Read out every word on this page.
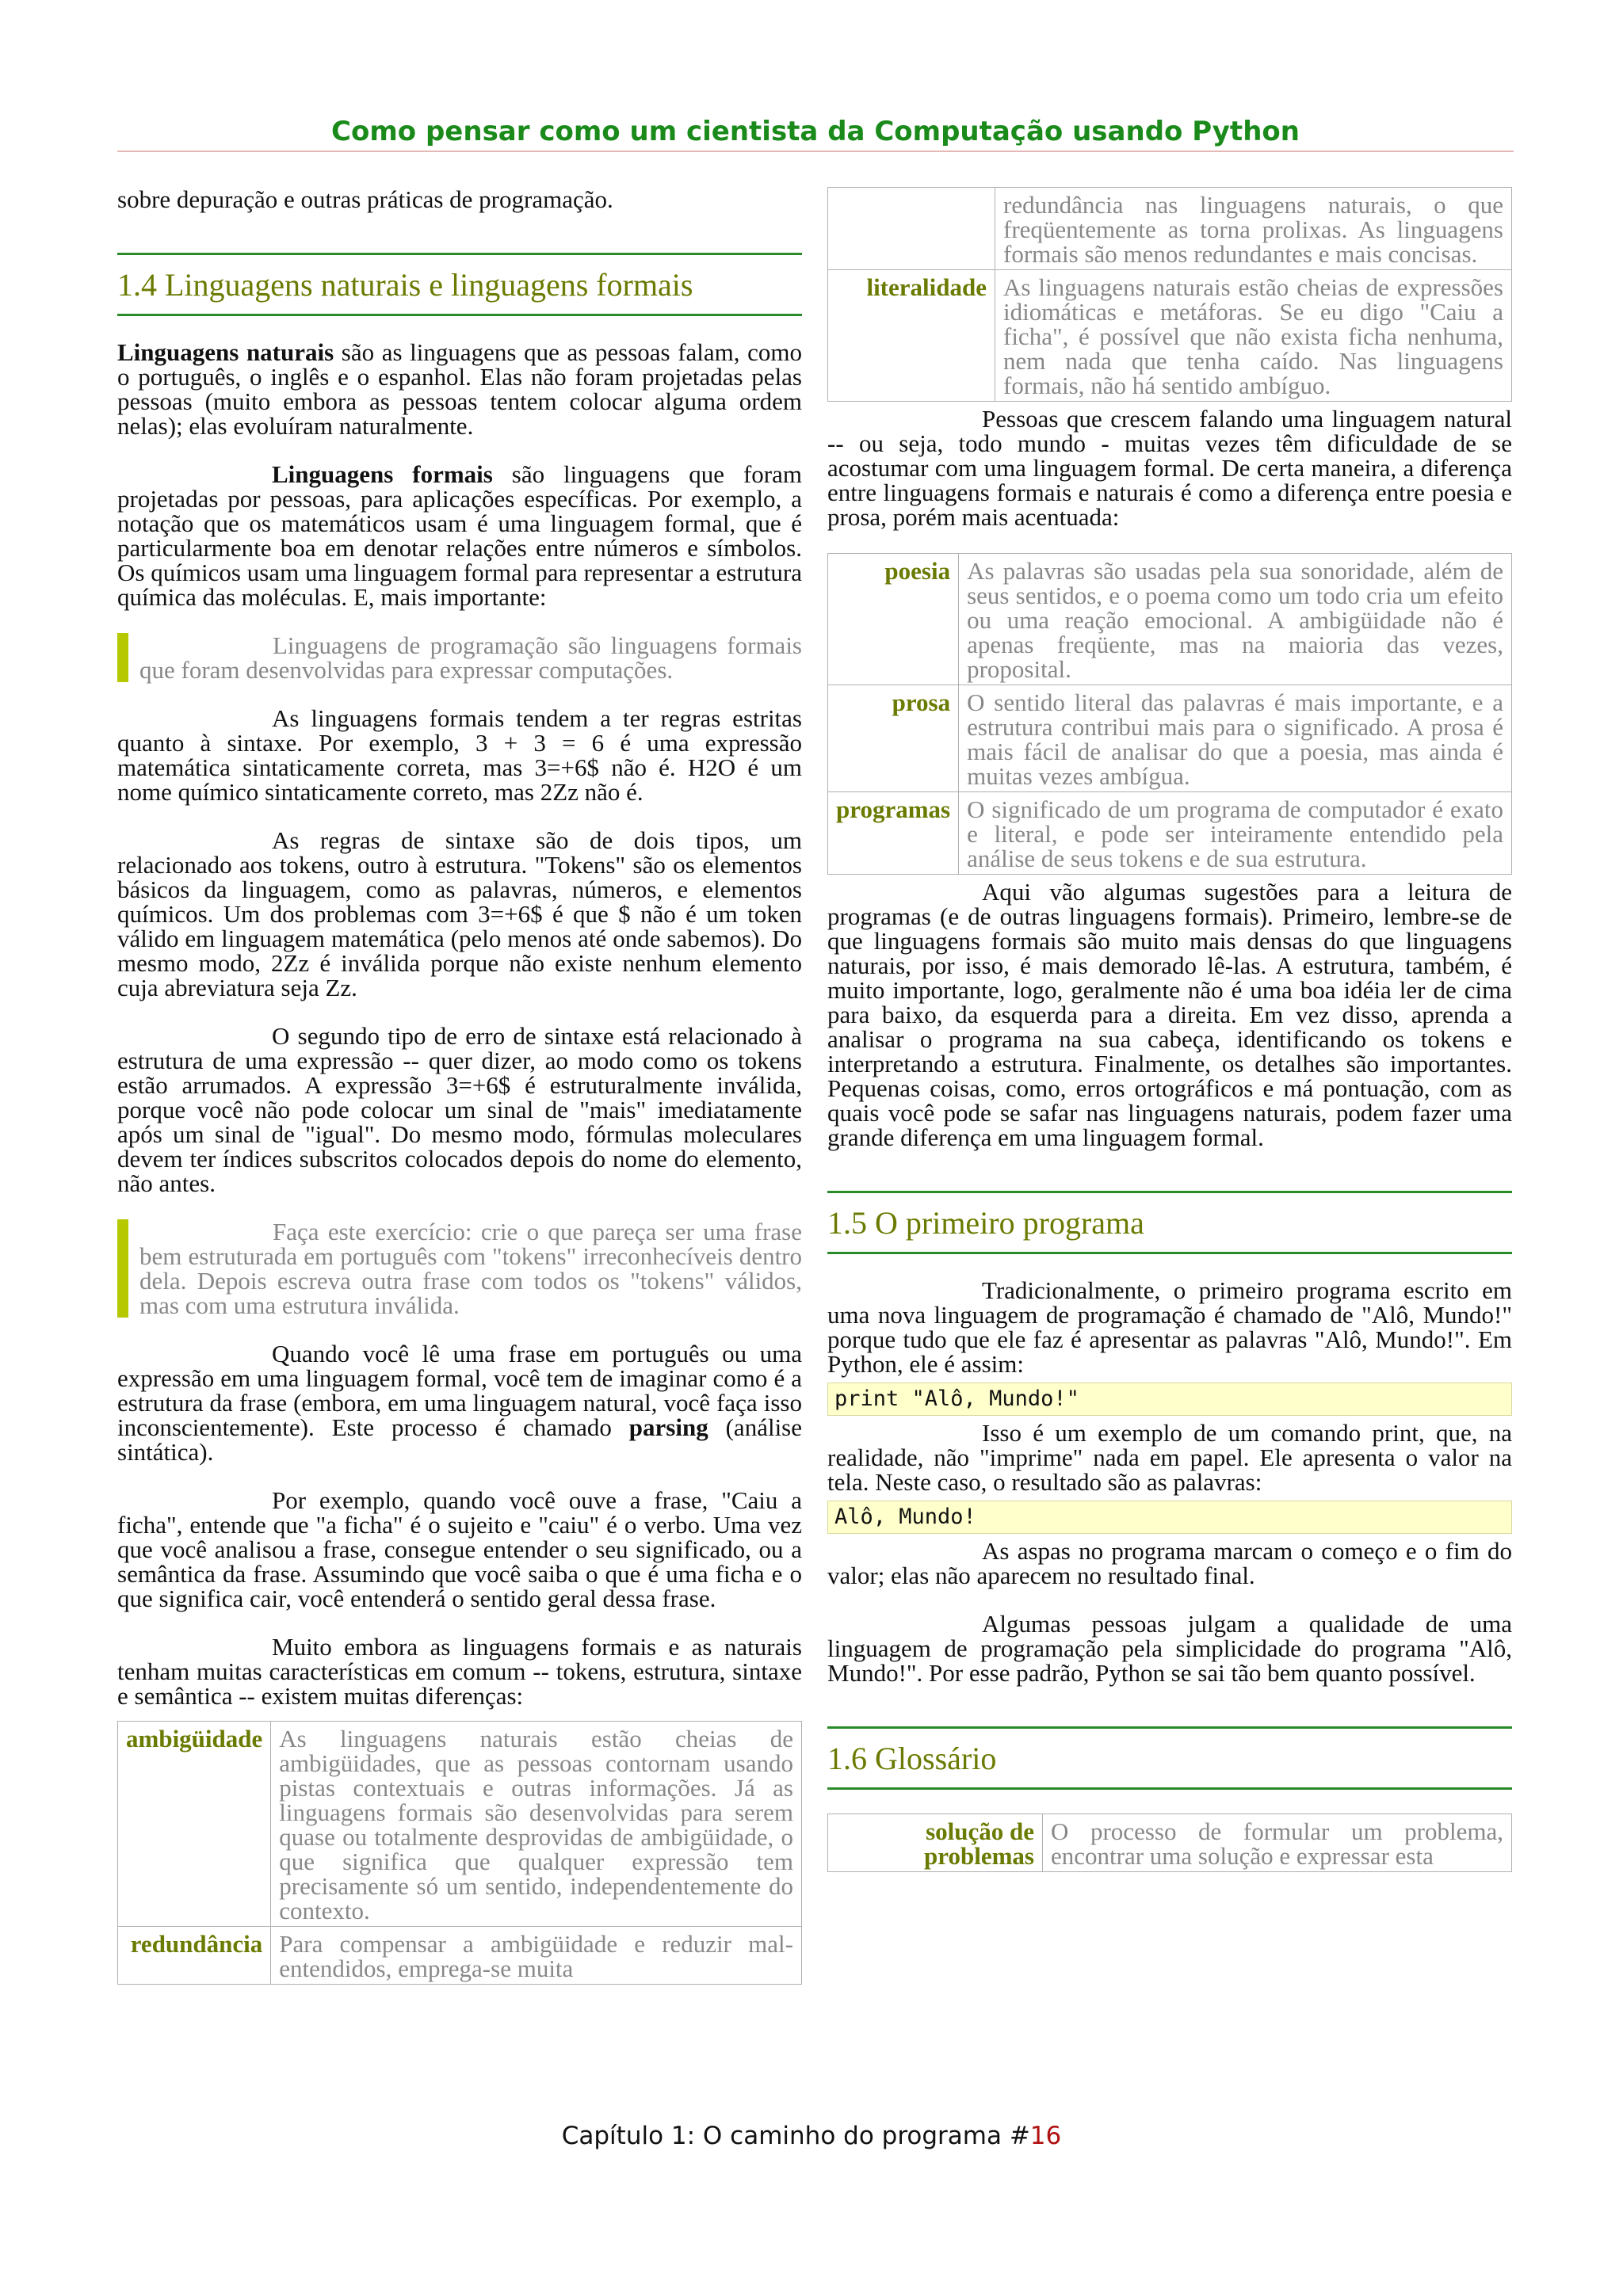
Como pensar como um cientista da Computação usando Python

sobre depuração e outras práticas de programação.

1.4 Linguagens naturais e linguagens formais

Linguagens naturais são as linguagens que as pessoas falam, como o português, o inglês e o espanhol. Elas não foram projetadas pelas pessoas (muito embora as pessoas tentem colocar alguma ordem nelas); elas evoluíram naturalmente.

Linguagens formais são linguagens que foram projetadas por pessoas, para aplicações específicas. Por exemplo, a notação que os matemáticos usam é uma linguagem formal, que é particularmente boa em denotar relações entre números e símbolos. Os químicos usam uma linguagem formal para representar a estrutura química das moléculas. E, mais importante:

Linguagens de programação são linguagens formais que foram desenvolvidas para expressar computações.

As linguagens formais tendem a ter regras estritas quanto à sintaxe. Por exemplo, 3 + 3 = 6 é uma expressão matemática sintaticamente correta, mas 3=+6$ não é. H2O é um nome químico sintaticamente correto, mas 2Zz não é.

As regras de sintaxe são de dois tipos, um relacionado aos tokens, outro à estrutura. "Tokens" são os elementos básicos da linguagem, como as palavras, números, e elementos químicos. Um dos problemas com 3=+6$ é que $ não é um token válido em linguagem matemática (pelo menos até onde sabemos). Do mesmo modo, 2Zz é inválida porque não existe nenhum elemento cuja abreviatura seja Zz.

O segundo tipo de erro de sintaxe está relacionado à estrutura de uma expressão -- quer dizer, ao modo como os tokens estão arrumados. A expressão 3=+6$ é estruturalmente inválida, porque você não pode colocar um sinal de "mais" imediatamente após um sinal de "igual". Do mesmo modo, fórmulas moleculares devem ter índices subscritos colocados depois do nome do elemento, não antes.

Faça este exercício: crie o que pareça ser uma frase bem estruturada em português com "tokens" irreconhecíveis dentro dela. Depois escreva outra frase com todos os "tokens" válidos, mas com uma estrutura inválida.

Quando você lê uma frase em português ou uma expressão em uma linguagem formal, você tem de imaginar como é a estrutura da frase (embora, em uma linguagem natural, você faça isso inconscientemente). Este processo é chamado parsing (análise sintática).

Por exemplo, quando você ouve a frase, "Caiu a ficha", entende que "a ficha" é o sujeito e "caiu" é o verbo. Uma vez que você analisou a frase, consegue entender o seu significado, ou a semântica da frase. Assumindo que você saiba o que é uma ficha e o que significa cair, você entenderá o sentido geral dessa frase.

Muito embora as linguagens formais e as naturais tenham muitas características em comum -- tokens, estrutura, sintaxe e semântica -- existem muitas diferenças:

ambigüidade	As linguagens naturais estão cheias de ambigüidades, que as pessoas contornam usando pistas contextuais e outras informações. Já as linguagens formais são desenvolvidas para serem quase ou totalmente desprovidas de ambigüidade, o que significa que qualquer expressão tem precisamente só um sentido, independentemente do contexto.
redundância	Para compensar a ambigüidade e reduzir mal-entendidos, emprega-se muita
	redundância nas linguagens naturais, o que freqüentemente as torna prolixas. As linguagens formais são menos redundantes e mais concisas.
literalidade	As linguagens naturais estão cheias de expressões idiomáticas e metáforas. Se eu digo "Caiu a ficha", é possível que não exista ficha nenhuma, nem nada que tenha caído. Nas linguagens formais, não há sentido ambíguo.

Pessoas que crescem falando uma linguagem natural -- ou seja, todo mundo - muitas vezes têm dificuldade de se acostumar com uma linguagem formal. De certa maneira, a diferença entre linguagens formais e naturais é como a diferença entre poesia e prosa, porém mais acentuada:

poesia	As palavras são usadas pela sua sonoridade, além de seus sentidos, e o poema como um todo cria um efeito ou uma reação emocional. A ambigüidade não é apenas freqüente, mas na maioria das vezes, proposital.
prosa	O sentido literal das palavras é mais importante, e a estrutura contribui mais para o significado. A prosa é mais fácil de analisar do que a poesia, mas ainda é muitas vezes ambígua.
programas	O significado de um programa de computador é exato e literal, e pode ser inteiramente entendido pela análise de seus tokens e de sua estrutura.

Aqui vão algumas sugestões para a leitura de programas (e de outras linguagens formais). Primeiro, lembre-se de que linguagens formais são muito mais densas do que linguagens naturais, por isso, é mais demorado lê-las. A estrutura, também, é muito importante, logo, geralmente não é uma boa idéia ler de cima para baixo, da esquerda para a direita. Em vez disso, aprenda a analisar o programa na sua cabeça, identificando os tokens e interpretando a estrutura. Finalmente, os detalhes são importantes. Pequenas coisas, como, erros ortográficos e má pontuação, com as quais você pode se safar nas linguagens naturais, podem fazer uma grande diferença em uma linguagem formal.

1.5 O primeiro programa

Tradicionalmente, o primeiro programa escrito em uma nova linguagem de programação é chamado de "Alô, Mundo!" porque tudo que ele faz é apresentar as palavras "Alô, Mundo!". Em Python, ele é assim:

print "Alô, Mundo!"

Isso é um exemplo de um comando print, que, na realidade, não "imprime" nada em papel. Ele apresenta o valor na tela. Neste caso, o resultado são as palavras:

Alô, Mundo!

As aspas no programa marcam o começo e o fim do valor; elas não aparecem no resultado final.

Algumas pessoas julgam a qualidade de uma linguagem de programação pela simplicidade do programa "Alô, Mundo!". Por esse padrão, Python se sai tão bem quanto possível.

1.6 Glossário
solução de problemas	O processo de formular um problema, encontrar uma solução e expressar esta
Capítulo 1: O caminho do programa #16
